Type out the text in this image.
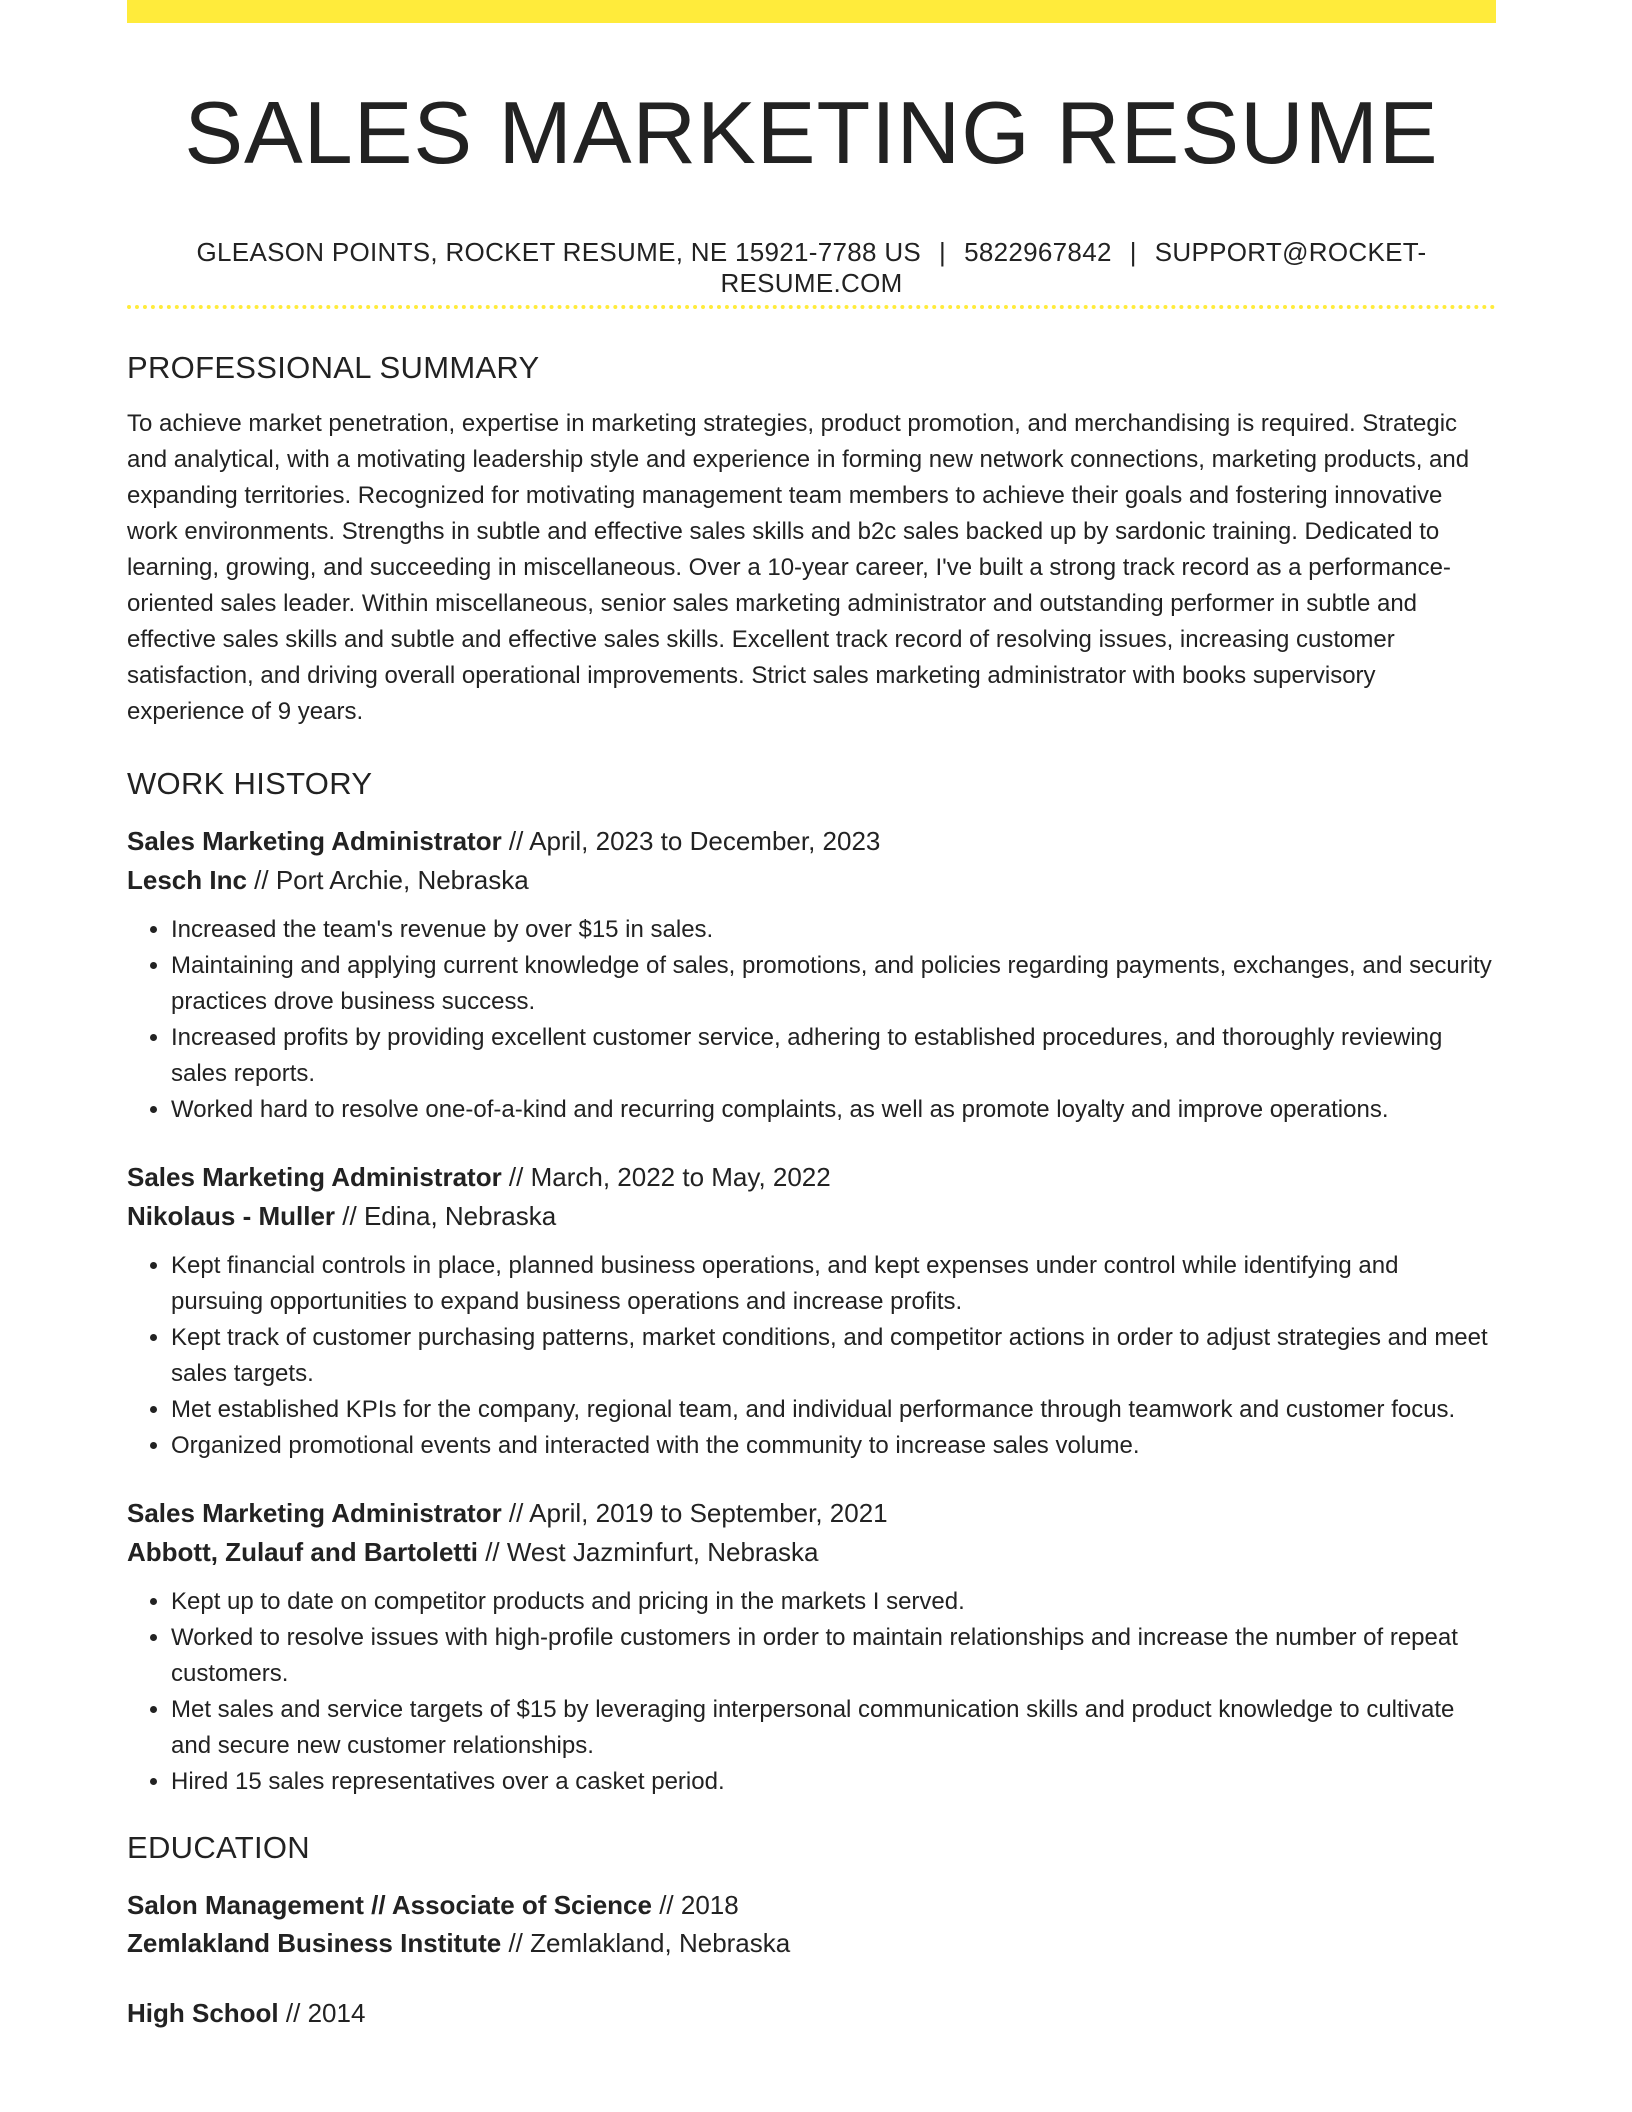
SALES MARKETING RESUME
GLEASON POINTS, ROCKET RESUME, NE 15921-7788 US | 5822967842 | SUPPORT@ROCKET-RESUME.COM
PROFESSIONAL SUMMARY

To achieve market penetration, expertise in marketing strategies, product promotion, and merchandising is required. Strategic and analytical, with a motivating leadership style and experience in forming new network connections, marketing products, and expanding territories. Recognized for motivating management team members to achieve their goals and fostering innovative work environments. Strengths in subtle and effective sales skills and b2c sales backed up by sardonic training. Dedicated to learning, growing, and succeeding in miscellaneous. Over a 10-year career, I've built a strong track record as a performance-oriented sales leader. Within miscellaneous, senior sales marketing administrator and outstanding performer in subtle and effective sales skills and subtle and effective sales skills. Excellent track record of resolving issues, increasing customer satisfaction, and driving overall operational improvements. Strict sales marketing administrator with books supervisory experience of 9 years.

WORK HISTORY
Sales Marketing Administrator // April, 2023 to December, 2023
Lesch Inc // Port Archie, Nebraska
• Increased the team's revenue by over $15 in sales.
• Maintaining and applying current knowledge of sales, promotions, and policies regarding payments, exchanges, and security practices drove business success.
• Increased profits by providing excellent customer service, adhering to established procedures, and thoroughly reviewing sales reports.
• Worked hard to resolve one-of-a-kind and recurring complaints, as well as promote loyalty and improve operations.
Sales Marketing Administrator // March, 2022 to May, 2022
Nikolaus - Muller // Edina, Nebraska
• Kept financial controls in place, planned business operations, and kept expenses under control while identifying and pursuing opportunities to expand business operations and increase profits.
• Kept track of customer purchasing patterns, market conditions, and competitor actions in order to adjust strategies and meet sales targets.
• Met established KPIs for the company, regional team, and individual performance through teamwork and customer focus.
• Organized promotional events and interacted with the community to increase sales volume.
Sales Marketing Administrator // April, 2019 to September, 2021
Abbott, Zulauf and Bartoletti // West Jazminfurt, Nebraska
• Kept up to date on competitor products and pricing in the markets I served.
• Worked to resolve issues with high-profile customers in order to maintain relationships and increase the number of repeat customers.
• Met sales and service targets of $15 by leveraging interpersonal communication skills and product knowledge to cultivate and secure new customer relationships.
• Hired 15 sales representatives over a casket period.
EDUCATION
Salon Management // Associate of Science // 2018
Zemlakland Business Institute // Zemlakland, Nebraska
High School // 2014
